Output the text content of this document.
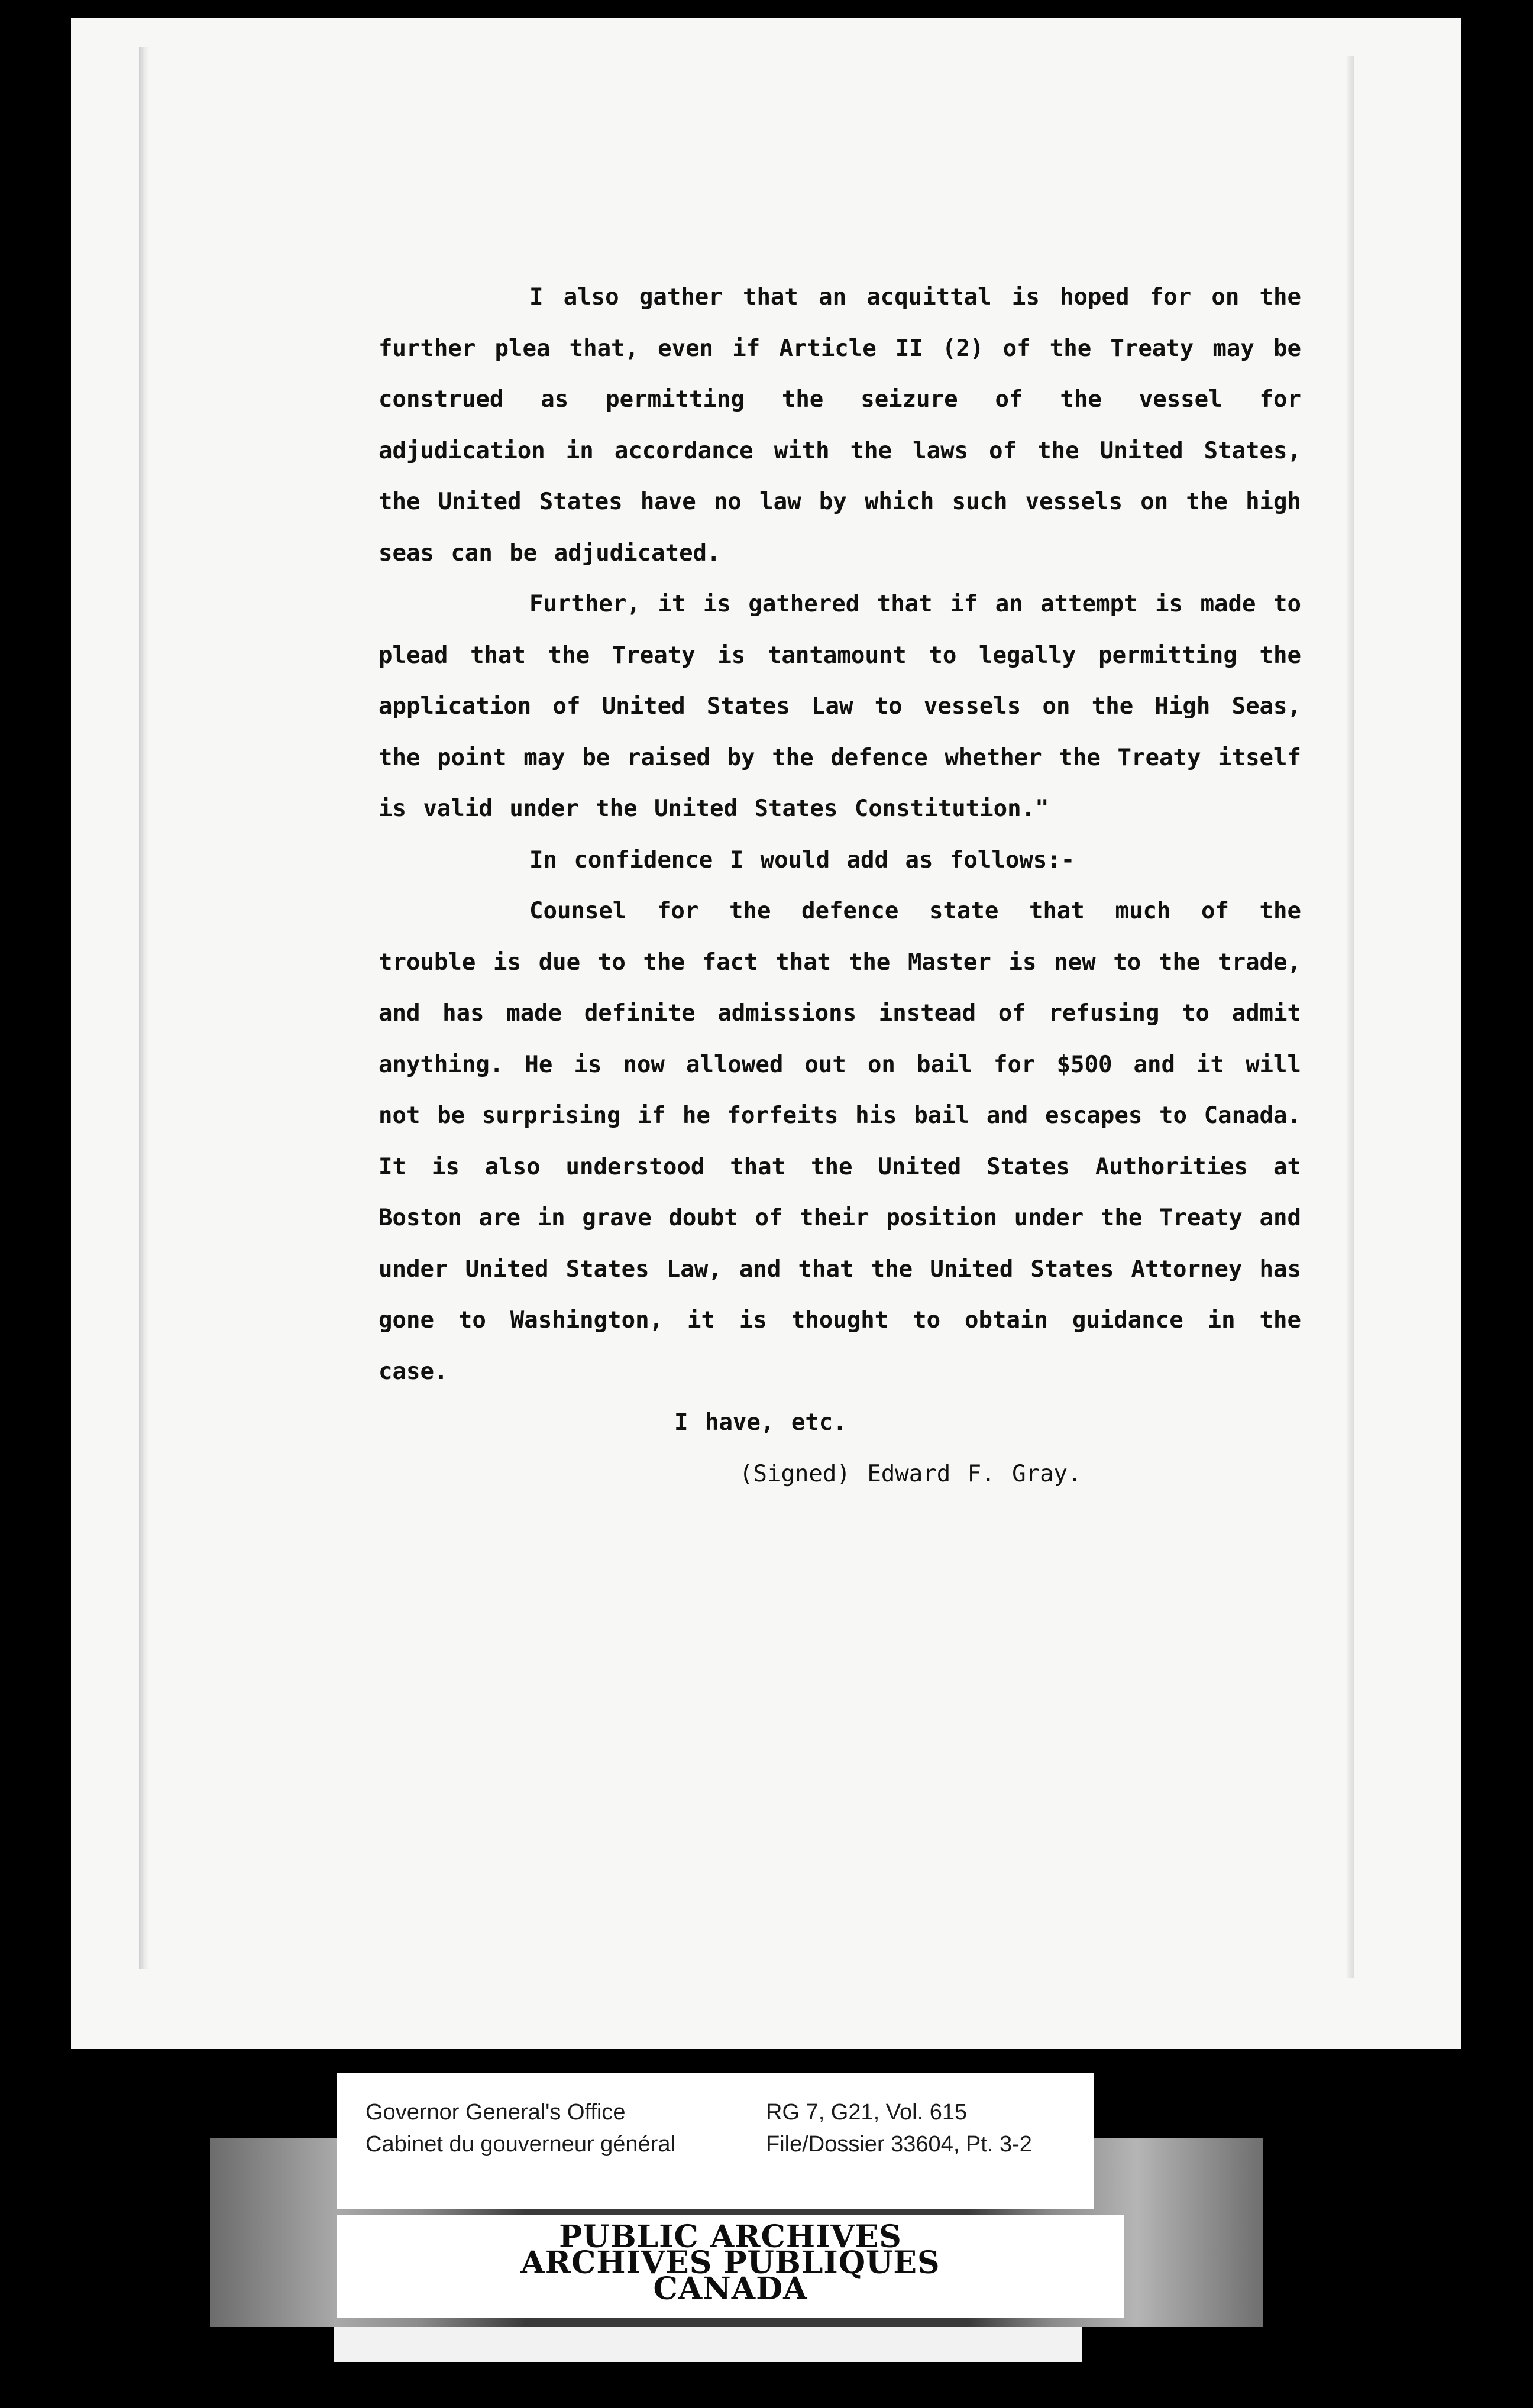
I also gather that an acquittal is hoped for on the further plea that, even if Article II (2) of the Treaty may be construed as permitting the seizure of the vessel for adjudication in accordance with the laws of the United States, the United States have no law by which such vessels on the high seas can be adjudicated.

Further, it is gathered that if an attempt is made to plead that the Treaty is tantamount to legally permitting the application of United States Law to vessels on the High Seas, the point may be raised by the defence whether the Treaty itself is valid under the United States Constitution."

In confidence I would add as follows:-

Counsel for the defence state that much of the trouble is due to the fact that the Master is new to the trade, and has made definite admissions instead of refusing to admit anything. He is now allowed out on bail for $500 and it will not be surprising if he forfeits his bail and escapes to Canada. It is also understood that the United States Authorities at Boston are in grave doubt of their position under the Treaty and under United States Law, and that the United States Attorney has gone to Washington, it is thought to obtain guidance in the case.

I have, etc.

(Signed) Edward F. Gray.

Governor General's Office
Cabinet du gouverneur général
RG 7, G21, Vol. 615
File/Dossier 33604, Pt. 3-2
PUBLIC ARCHIVES
ARCHIVES PUBLIQUES
CANADA
